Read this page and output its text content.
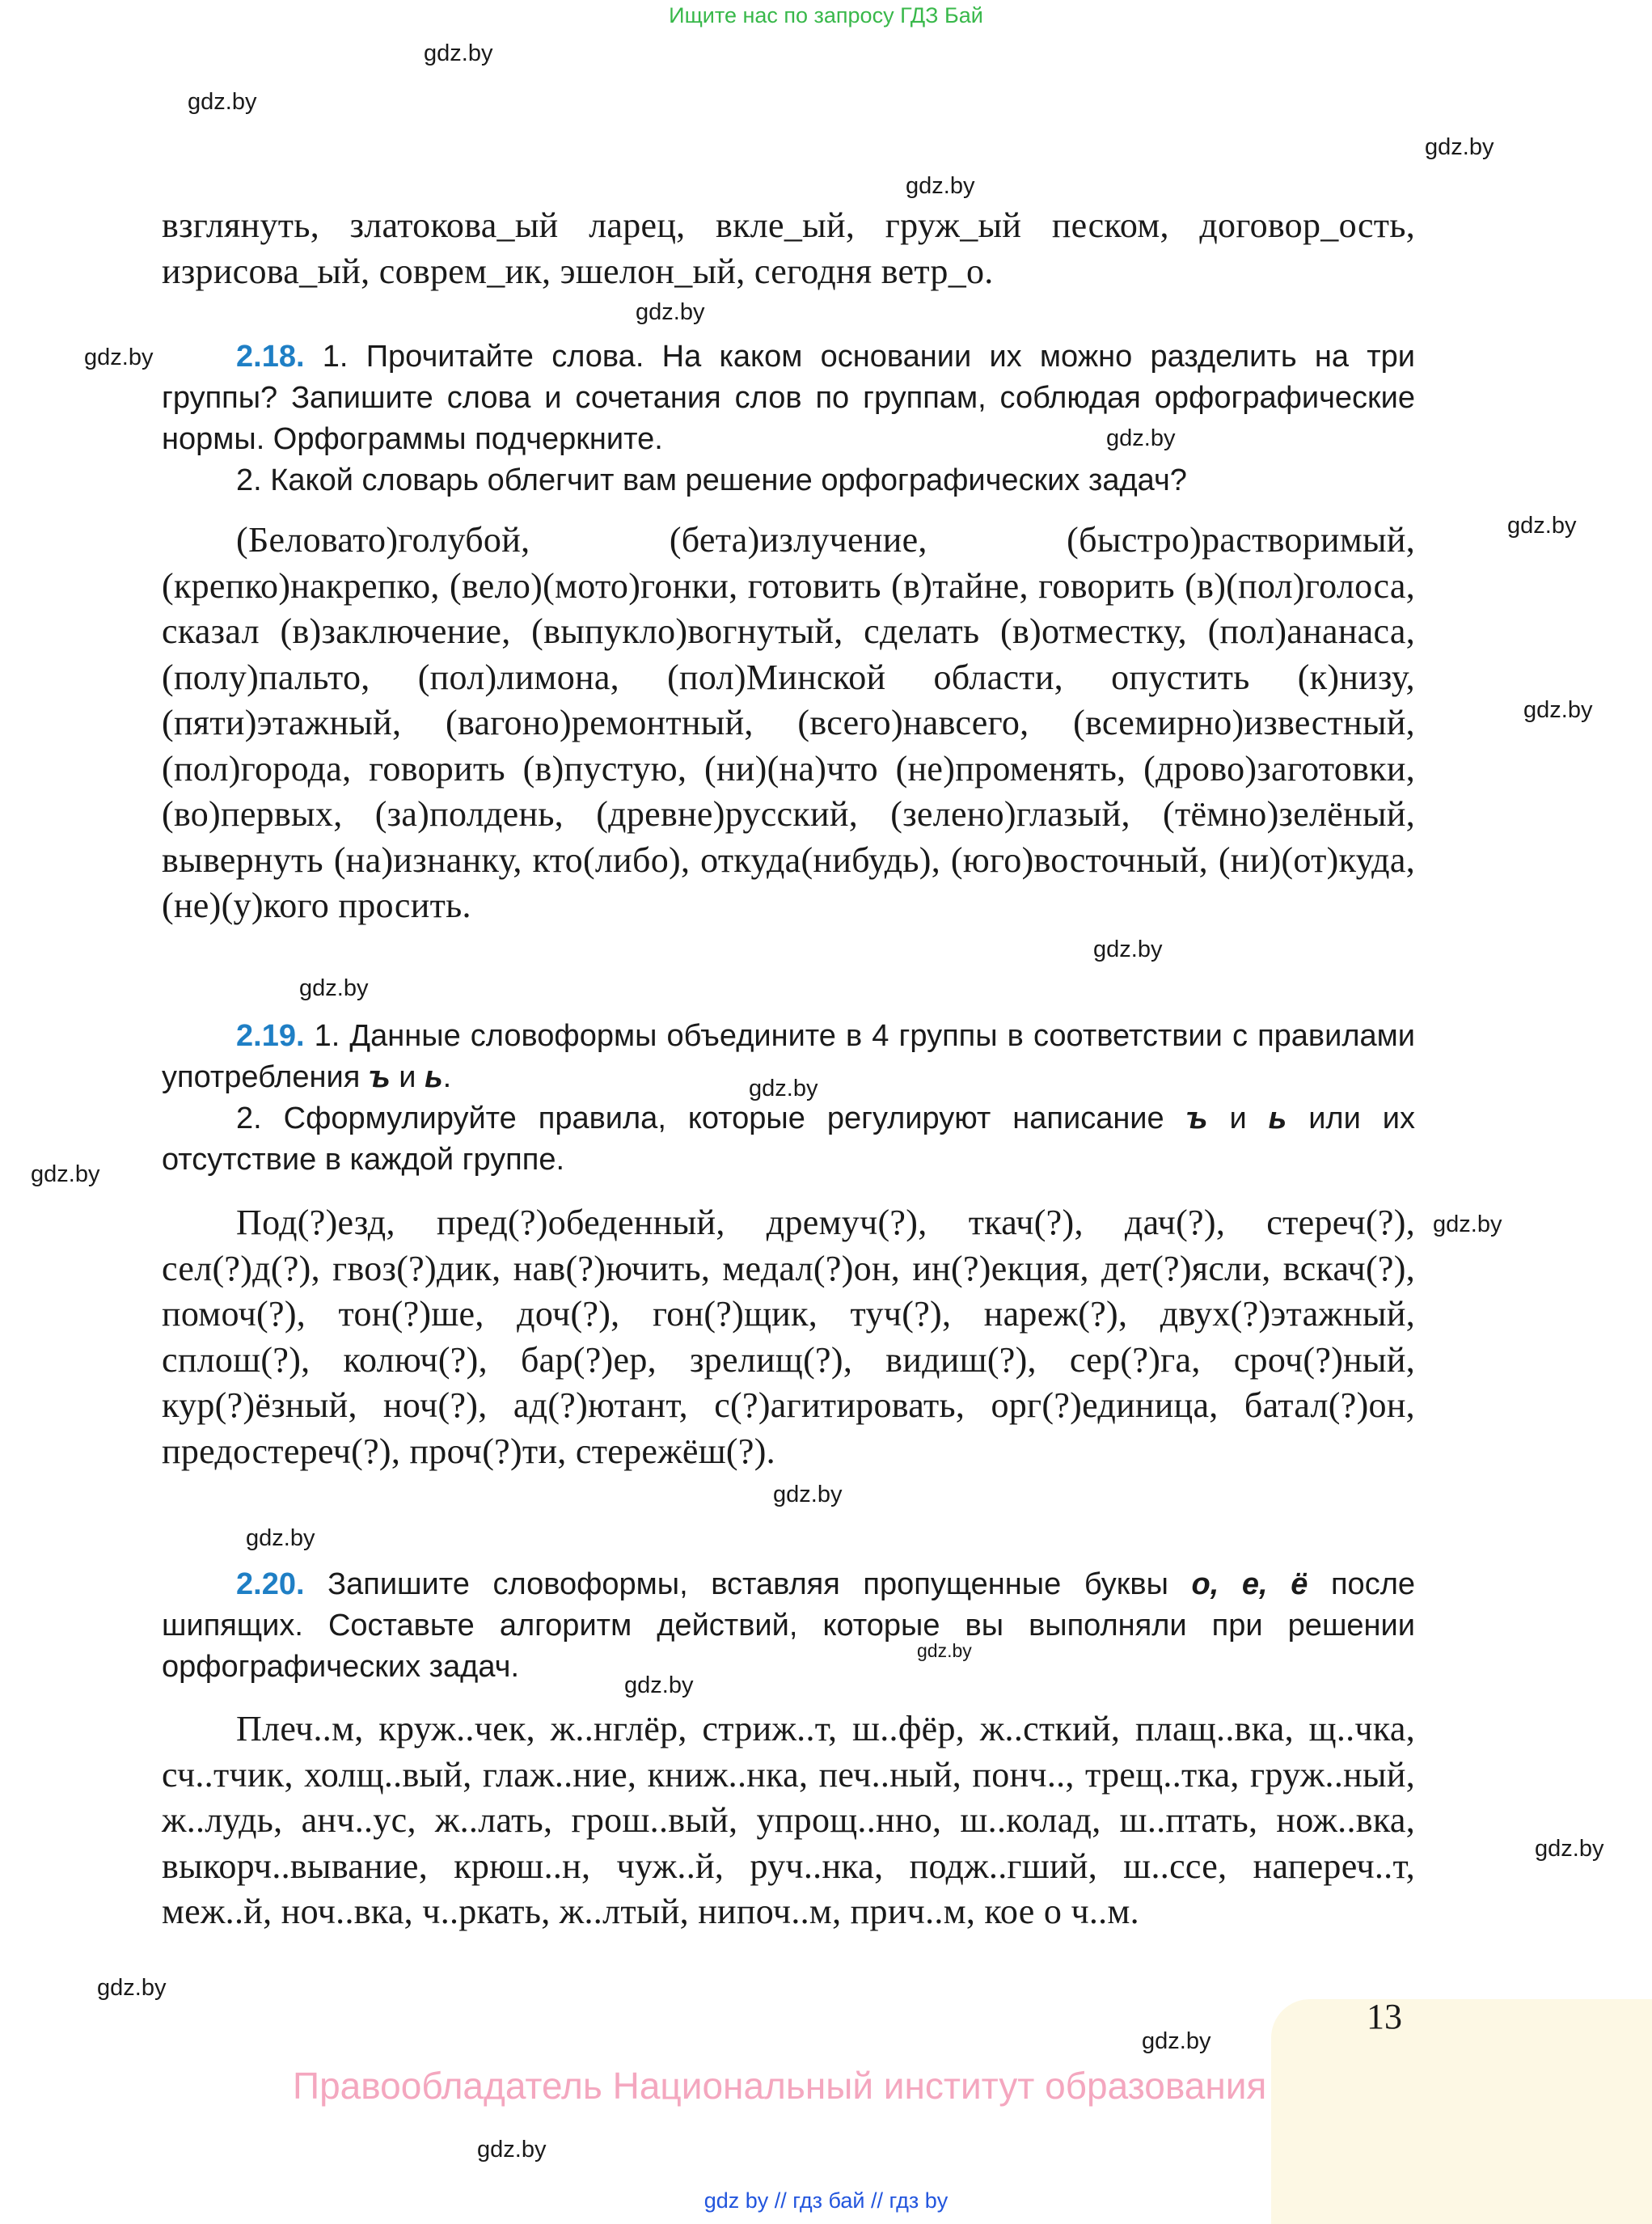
Ищите нас по запросу ГДЗ Бай
gdz.by
gdz.by
gdz.by
gdz.by
gdz.by
gdz.by
gdz.by
gdz.by
gdz.by
gdz.by
gdz.by
gdz.by
gdz.by
gdz.by
gdz.by
gdz.by
gdz.by
gdz.by
gdz.by
gdz.by
gdz.by
gdz.by

взглянуть, златокова_ый ларец, вкле_ый, груж_ый песком, договор_ость, изрисова_ый, соврем_ик, эшелон_ый, сегодня ветр_о.

2.18. 1. Прочитайте слова. На каком основании их можно разделить на три группы? Запишите слова и сочетания слов по группам, соблюдая орфографические нормы. Орфограммы подчеркните.

2. Какой словарь облегчит вам решение орфографических задач?

(Беловато)голубой, (бета)излучение, (быстро)растворимый, (крепко)накрепко, (вело)(мото)гонки, готовить (в)тайне, говорить (в)(пол)голоса, сказал (в)заключение, (выпукло)вогнутый, сделать (в)отместку, (пол)ананаса, (полу)пальто, (пол)лимона, (пол)Минской области, опустить (к)низу, (пяти)этажный, (вагоно)ремонтный, (всего)навсего, (всемирно)известный, (пол)города, говорить (в)пустую, (ни)(на)что (не)променять, (дрово)заготовки, (во)первых, (за)полдень, (древне)русский, (зелено)глазый, (тёмно)зелёный, вывернуть (на)изнанку, кто(либо), откуда(нибудь), (юго)восточный, (ни)(от)куда, (не)(у)кого просить.

2.19. 1. Данные словоформы объедините в 4 группы в соответствии с правилами употребления ъ и ь.

2. Сформулируйте правила, которые регулируют написание ъ и ь или их отсутствие в каждой группе.

Под(?)езд, пред(?)обеденный, дремуч(?), ткач(?), дач(?), стереч(?), сел(?)д(?), гвоз(?)дик, нав(?)ючить, медал(?)он, ин(?)екция, дет(?)ясли, вскач(?), помоч(?), тон(?)ше, доч(?), гон(?)щик, туч(?), нареж(?), двух(?)этажный, сплош(?), колюч(?), бар(?)ер, зрелищ(?), видиш(?), сер(?)га, сроч(?)ный, кур(?)ёзный, ноч(?), ад(?)ютант, с(?)агитировать, орг(?)единица, батал(?)он, предостереч(?), проч(?)ти, стережёш(?).

2.20. Запишите словоформы, вставляя пропущенные буквы о, е, ё после шипящих. Составьте алгоритм действий, которые вы выполняли при решении орфографических задач.

Плеч..м, круж..чек, ж..нглёр, стриж..т, ш..фёр, ж..сткий, плащ..вка, щ..чка, сч..тчик, холщ..вый, глаж..ние, книж..нка, печ..ный, понч.., трещ..тка, груж..ный, ж..лудь, анч..ус, ж..лать, грош..вый, упрощ..нно, ш..колад, ш..птать, нож..вка, выкорч..вывание, крюш..н, чуж..й, руч..нка, подж..гший, ш..ссе, напереч..т, меж..й, ноч..вка, ч..ркать, ж..лтый, нипоч..м, прич..м, кое о ч..м.

13
Правообладатель Национальный институт образования
gdz by // гдз бай // гдз by
